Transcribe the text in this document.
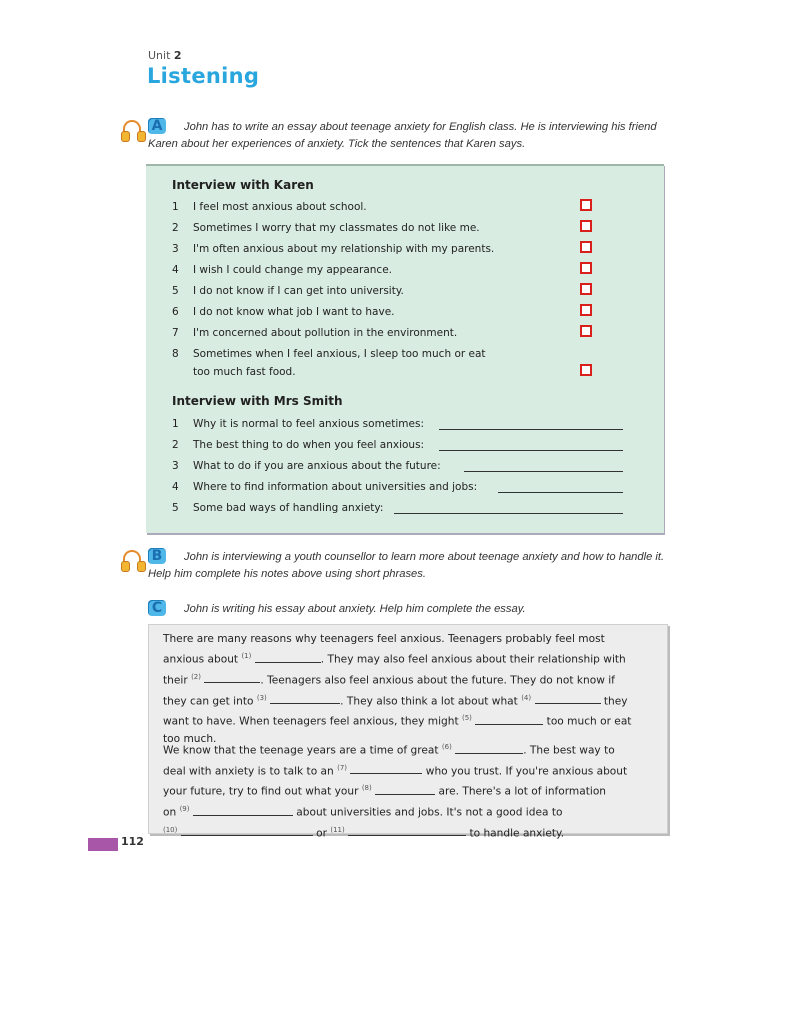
Unit 2
Listening
A	John has to write an essay about teenage anxiety for English class. He is interviewing his friend Karen about her experiences of anxiety. Tick the sentences that Karen says.
Interview with Karen
1	I feel most anxious about school.
2	Sometimes I worry that my classmates do not like me.
3	I'm often anxious about my relationship with my parents.
4	I wish I could change my appearance.
5	I do not know if I can get into university.
6	I do not know what job I want to have.
7	I'm concerned about pollution in the environment.
8	Sometimes when I feel anxious, I sleep too much or eat
too much fast food.
Interview with Mrs Smith
1	Why it is normal to feel anxious sometimes:
2	The best thing to do when you feel anxious:
3	What to do if you are anxious about the future:
4	Where to find information about universities and jobs:
5	Some bad ways of handling anxiety:
B	John is interviewing a youth counsellor to learn more about teenage anxiety and how to handle it. Help him complete his notes above using short phrases.
C	John is writing his essay about anxiety. Help him complete the essay.

There are many reasons why teenagers feel anxious. Teenagers probably feel most
anxious about $^{(1)}$	. They may also feel anxious about their relationship with
their $^{(2)}$	. Teenagers also feel anxious about the future. They do not know if
they can get into $^{(3)}$	. They also think a lot about what $^{(4)}$	they
want to have. When teenagers feel anxious, they might $^{(5)}$	too much or eat
too much.

We know that the teenage years are a time of great $^{(6)}$	. The best way to
deal with anxiety is to talk to an $^{(7)}$	who you trust. If you're anxious about
your future, try to find out what your $^{(8)}$	are. There's a lot of information
on $^{(9)}$	about universities and jobs. It's not a good idea to
$^{(10)}$	or $^{(11)}$	to handle anxiety.

112
